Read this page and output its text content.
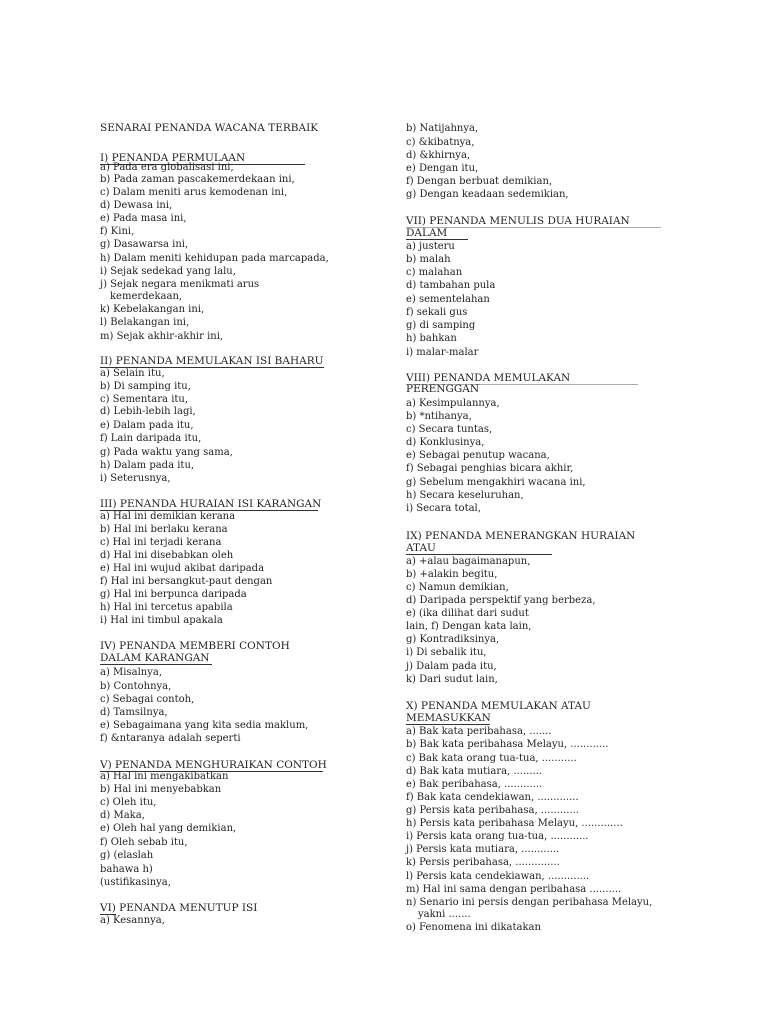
SENARAI PENANDA WACANA TERBAIK
I) PENANDA PERMULAAN
a) Pada era globalisasi ini,
b) Pada zaman pascakemerdekaan ini,
c) Dalam meniti arus kemodenan ini,
d) Dewasa ini,
e) Pada masa ini,
f) Kini,
g) Dasawarsa ini,
h) Dalam meniti kehidupan pada marcapada,
i) Sejak sedekad yang lalu,
j) Sejak negara menikmati arus
kemerdekaan,
k) Kebelakangan ini,
l) Belakangan ini,
m) Sejak akhir-akhir ini,
II) PENANDA MEMULAKAN ISI BAHARU
a) Selain itu,
b) Di samping itu,
c) Sementara itu,
d) Lebih-lebih lagi,
e) Dalam pada itu,
f) Lain daripada itu,
g) Pada waktu yang sama,
h) Dalam pada itu,
i) Seterusnya,
III) PENANDA HURAIAN ISI KARANGAN
a) Hal ini demikian kerana
b) Hal ini berlaku kerana
c) Hal ini terjadi kerana
d) Hal ini disebabkan oleh
e) Hal ini wujud akibat daripada
f) Hal ini bersangkut-paut dengan
g) Hal ini berpunca daripada
h) Hal ini tercetus apabila
i) Hal ini timbul apakala
IV) PENANDA MEMBERI CONTOH
DALAM KARANGAN
a) Misalnya,
b) Contohnya,
c) Sebagai contoh,
d) Tamsilnya,
e) Sebagaimana yang kita sedia maklum,
f) &ntaranya adalah seperti
V) PENANDA MENGHURAIKAN CONTOH
a) Hal ini mengakibatkan
b) Hal ini menyebabkan
c) Oleh itu,
d) Maka,
e) Oleh hal yang demikian,
f) Oleh sebab itu,
g) (elaslah
bahawa h)
(ustifikasinya,
VI) PENANDA MENUTUP ISI
a) Kesannya,
b) Natijahnya,
c) &kibatnya,
d) &khirnya,
e) Dengan itu,
f) Dengan berbuat demikian,
g) Dengan keadaan sedemikian,
VII) PENANDA MENULIS DUA HURAIAN
DALAM
a) justeru
b) malah
c) malahan
d) tambahan pula
e) sementelahan
f) sekali gus
g) di samping
h) bahkan
i) malar-malar
VIII) PENANDA MEMULAKAN
PERENGGAN
a) Kesimpulannya,
b) *ntihanya,
c) Secara tuntas,
d) Konklusinya,
e) Sebagai penutup wacana,
f) Sebagai penghias bicara akhir,
g) Sebelum mengakhiri wacana ini,
h) Secara keseluruhan,
i) Secara total,
IX) PENANDA MENERANGKAN HURAIAN
ATAU
a) +alau bagaimanapun,
b) +alakin begitu,
c) Namun demikian,
d) Daripada perspektif yang berbeza,
e) (ika dilihat dari sudut
lain, f) Dengan kata lain,
g) Kontradiksinya,
i) Di sebalik itu,
j) Dalam pada itu,
k) Dari sudut lain,
X) PENANDA MEMULAKAN ATAU
MEMASUKKAN
a) Bak kata peribahasa, .......
b) Bak kata peribahasa Melayu, ............
c) Bak kata orang tua-tua, ...........
d) Bak kata mutiara, .........
e) Bak peribahasa, ............
f) Bak kata cendekiawan, .............
g) Persis kata peribahasa, ............
h) Persis kata peribahasa Melayu, .............
i) Persis kata orang tua-tua, ............
j) Persis kata mutiara, ............
k) Persis peribahasa, ..............
l) Persis kata cendekiawan, .............
m) Hal ini sama dengan peribahasa ..........
n) Senario ini persis dengan peribahasa Melayu,
yakni .......
o) Fenomena ini dikatakan
